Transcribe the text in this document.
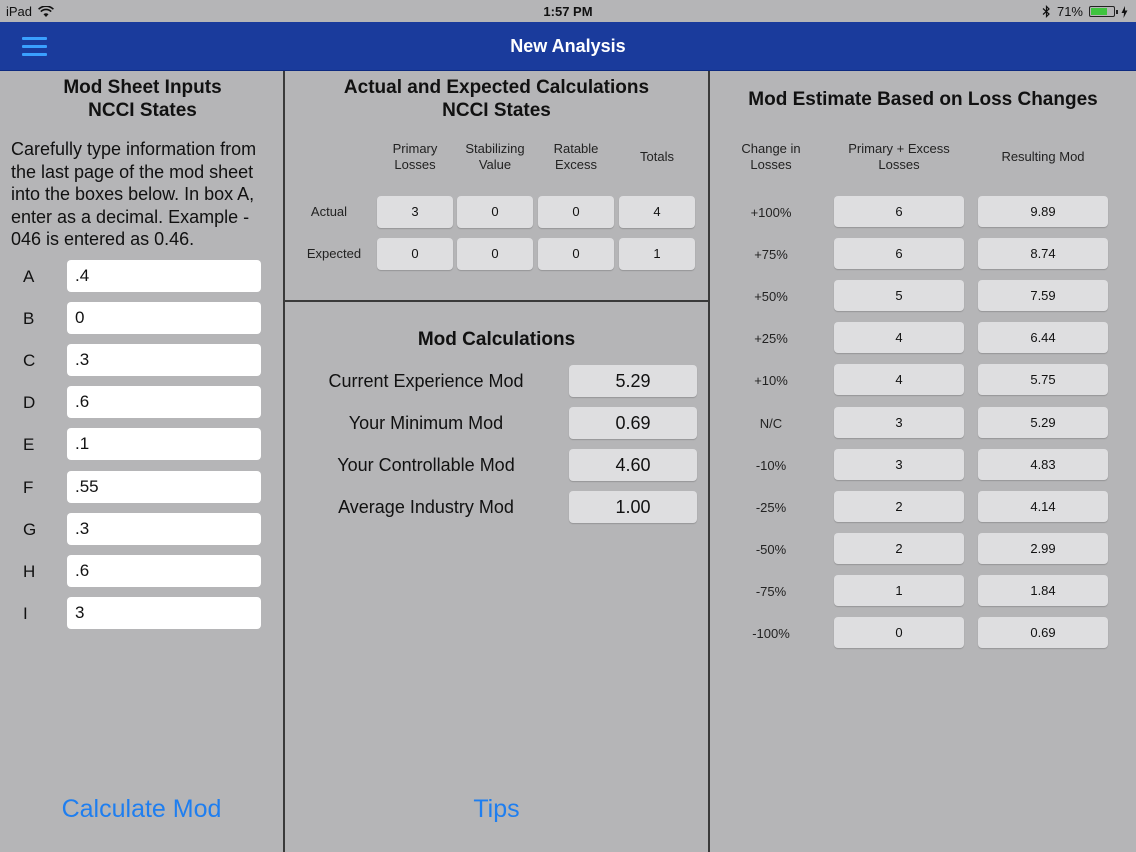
iPad	1:57 PM	71%
New Analysis
Mod Sheet Inputs
NCCI States
Carefully type information from the last page of the mod sheet into the boxes below. In box A, enter as a decimal. Example - 046 is entered as 0.46.
A
.4
B
0
C
.3
D
.6
E
.1
F
.55
G
.3
H
.6
I
3
Calculate Mod
Actual and Expected Calculations
NCCI States
Primary
Losses
Stabilizing
Value
Ratable
Excess
Totals
Actual	3	0	0	4
Expected	0	0	0	1
Mod Calculations
Current Experience Mod	5.29
Your Minimum Mod	0.69
Your Controllable Mod	4.60
Average Industry Mod	1.00
Tips
Mod Estimate Based on Loss Changes
Change in
Losses
Primary + Excess
Losses
Resulting Mod
+100%	6	9.89
+75%	6	8.74
+50%	5	7.59
+25%	4	6.44
+10%	4	5.75
N/C	3	5.29
-10%	3	4.83
-25%	2	4.14
-50%	2	2.99
-75%	1	1.84
-100%	0	0.69
